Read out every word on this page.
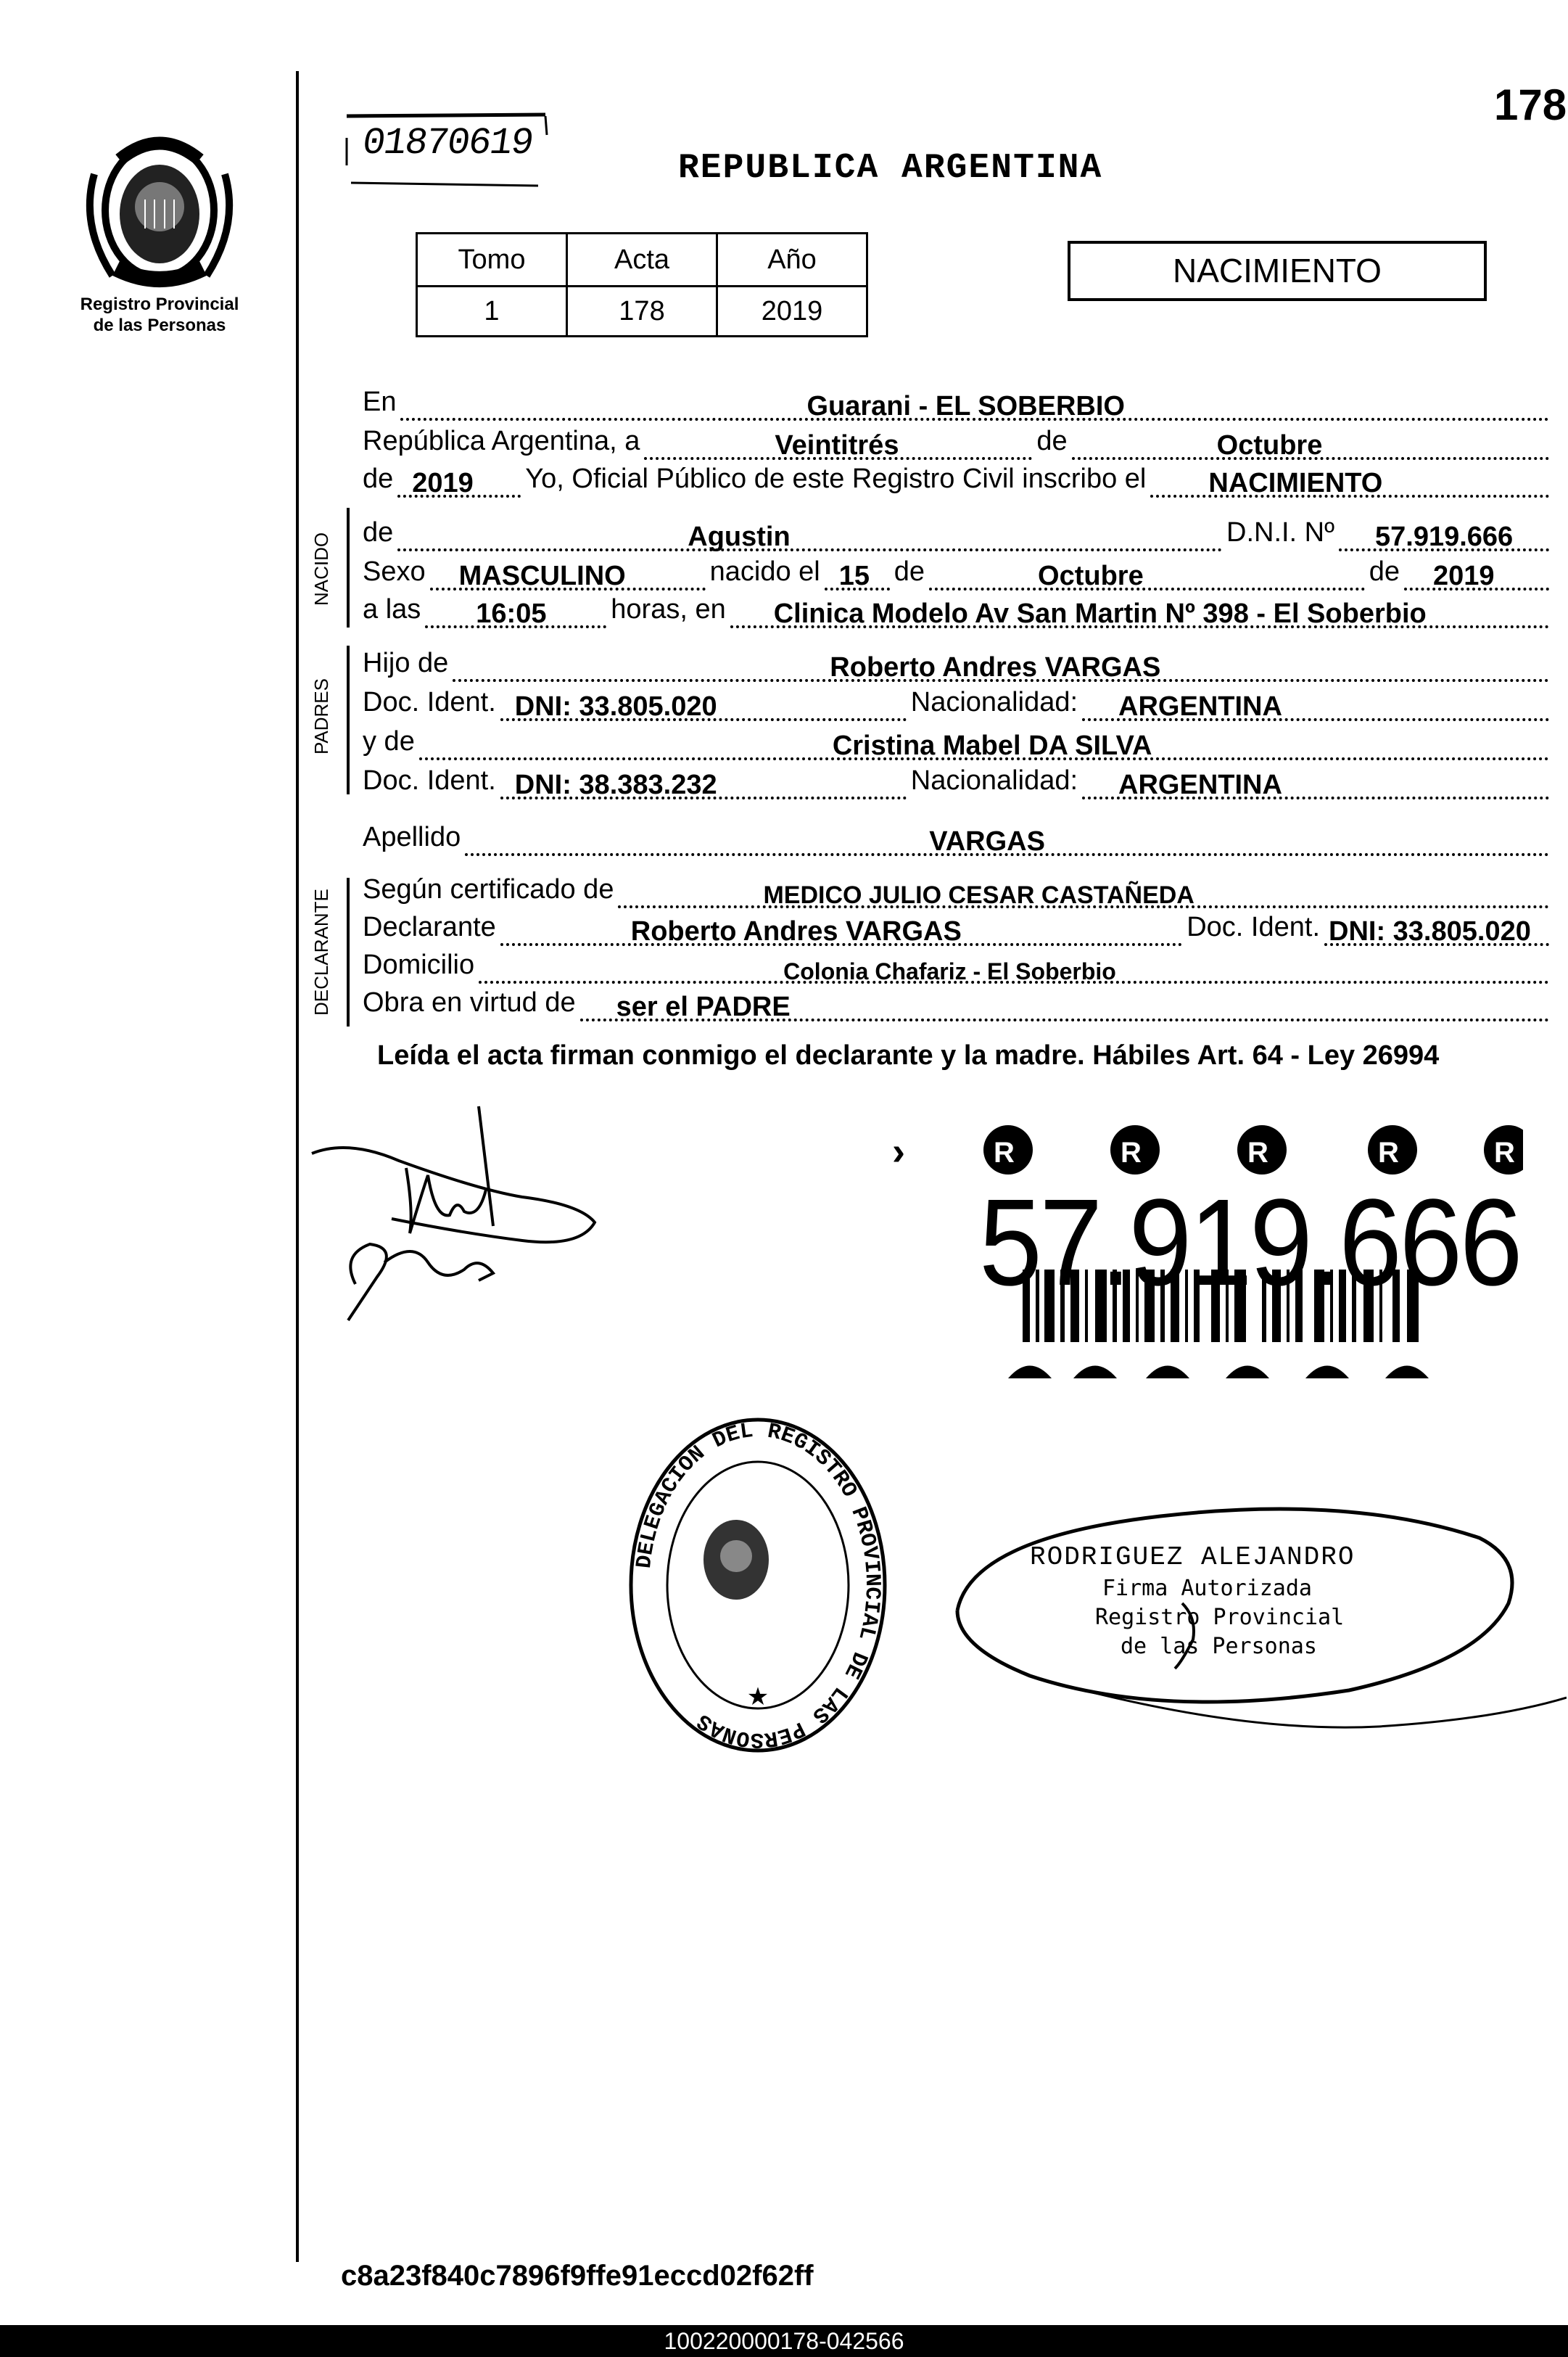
Registro Provincial
de las Personas
01870619
178
REPUBLICA ARGENTINA
Tomo	Acta	Año
1	178	2019
NACIMIENTO
En	Guarani - EL SOBERBIO
República Argentina, a	Veintitrés	de	Octubre
de 2019 Yo, Oficial Público de este Registro Civil inscribo el NACIMIENTO
NACIDO de	Agustin	D.N.I. Nº 57.919.666
Sexo MASCULINO	nacido el 15 de	Octubre	de 2019
a las 16:05 horas, en Clinica Modelo Av San Martin Nº 398 - El Soberbio
PADRES
Hijo de	Roberto Andres VARGAS
Doc. Ident. DNI: 33.805.020	Nacionalidad: ARGENTINA
y de	Cristina Mabel DA SILVA
Doc. Ident. DNI: 38.383.232	Nacionalidad: ARGENTINA
Apellido	VARGAS
DECLARANTE Según certificado de	MEDICO JULIO CESAR CASTAÑEDA
Declarante	Roberto Andres VARGAS	Doc. Ident. DNI: 33.805.020
Domicilio	Colonia Chafariz - El Soberbio
Obra en virtud de ser el PADRE
Leída el acta firman conmigo el declarante y la madre. Hábiles Art. 64 - Ley 26994
›	R	R	R	R	R
57.919.666
DELEGACION DEL REGISTRO PROVINCIAL DE LAS PERSONAS
★
RODRIGUEZ ALEJANDRO
Firma Autorizada
Registro Provincial
de las Personas
c8a23f840c7896f9ffe91eccd02f62ff
100220000178-042566
